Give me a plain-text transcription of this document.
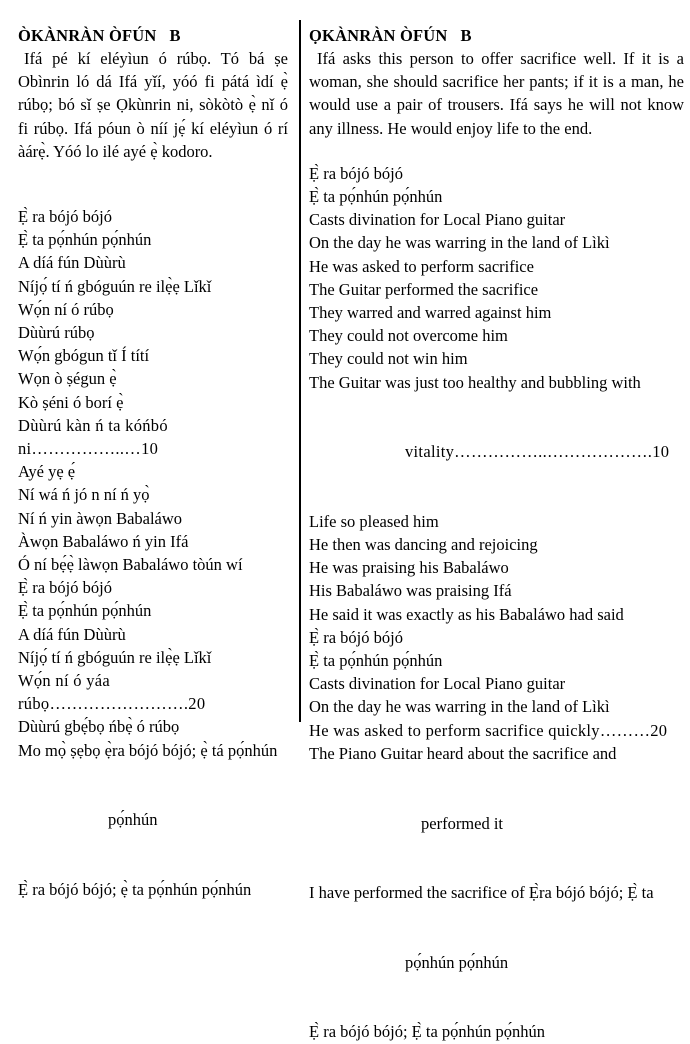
ÒKÀNRÀN ÒFÚN   B

Ifá pé kí eléyìun ó rúbọ. Tó bá ṣe Obìnrin ló dá Ifá yǐí, yóó fi pátá ìdí ẹ̀ rúbọ; bó sǐ ṣe Ọkùnrin ni, sòkòtò ẹ̀ nǐ ó fi rúbọ. Ifá póun ò níí jẹ́ kí eléyìun ó rí àárẹ̀. Yóó lo ilé ayé ẹ̀ kodoro.

Ẹ̀ ra bójó bójó
Ẹ̀ ta pọ́nhún pọ́nhún
A díá fún Dùùrù
Níjọ́ tí ń gbóguún re ilẹ̀ẹ Lǐkǐ
Wọ́n ní ó rúbọ
Dùùrú rúbọ
Wọ́n gbógun tǐ Í títí
Wọn ò ṣégun ẹ̀
Kò ṣéni ó borí ẹ̀
Dùùrú kàn ń ta kóńbó ni……………..…10
Ayé yẹ ẹ́
Ní wá ń jó n ní ń yọ̀
Ní ń yin àwọn Babaláwo
Àwọn Babaláwo ń yin Ifá
Ó ní bẹ́ẹ̀ làwọn Babaláwo tòún wí
Ẹ̀ ra bójó bójó
Ẹ̀ ta pọ́nhún pọ́nhún
A díá fún Dùùrù
Níjọ́ tí ń gbóguún re ilẹ̀ẹ Lǐkǐ
Wọ́n ní ó yáa rúbọ…………………….20
Dùùrú gbẹ́bọ ńbẹ̀ ó rúbọ
Mo mọ̀ ṣẹbọ ẹ̀ra bójó bójó; ẹ̀ tá pọ́nhún

pọ́nhún

Ẹ̀ ra bójó bójó; ẹ̀ ta pọ́nhún pọ́nhún
ỌKÀNRÀN ÒFÚN   B

Ifá asks this person to offer sacrifice well. If it is a woman, she should sacrifice her pants; if it is a man, he would use a pair of trousers. Ifá says he will not know any illness. He would enjoy life to the end.

Ẹ̀ ra bójó bójó
Ẹ̀ ta pọ́nhún pọ́nhún
Casts divination for Local Piano guitar
On the day he was warring in the land of Lìkì
He was asked to perform sacrifice
The Guitar performed the sacrifice
They warred and warred against him
They could not overcome him
They could not win him
The Guitar was just too healthy and bubbling with

vitality……………..……………….10

Life so pleased him
He then was dancing and rejoicing
He was praising his Babaláwo
His Babaláwo was praising Ifá
He said it was exactly as his Babaláwo had said
Ẹ̀ ra bójó bójó
Ẹ̀ ta pọ́nhún pọ́nhún
Casts divination for Local Piano guitar
On the day he was warring in the land of Lìkì
He was asked to perform sacrifice quickly………20
The Piano Guitar heard about the sacrifice and

performed it

I have performed the sacrifice of Ẹ̀ra bójó bójó; Ẹ̀ ta

pọ́nhún pọ́nhún

Ẹ̀ ra bójó bójó; Ẹ̀ ta pọ́nhún pọ́nhún
